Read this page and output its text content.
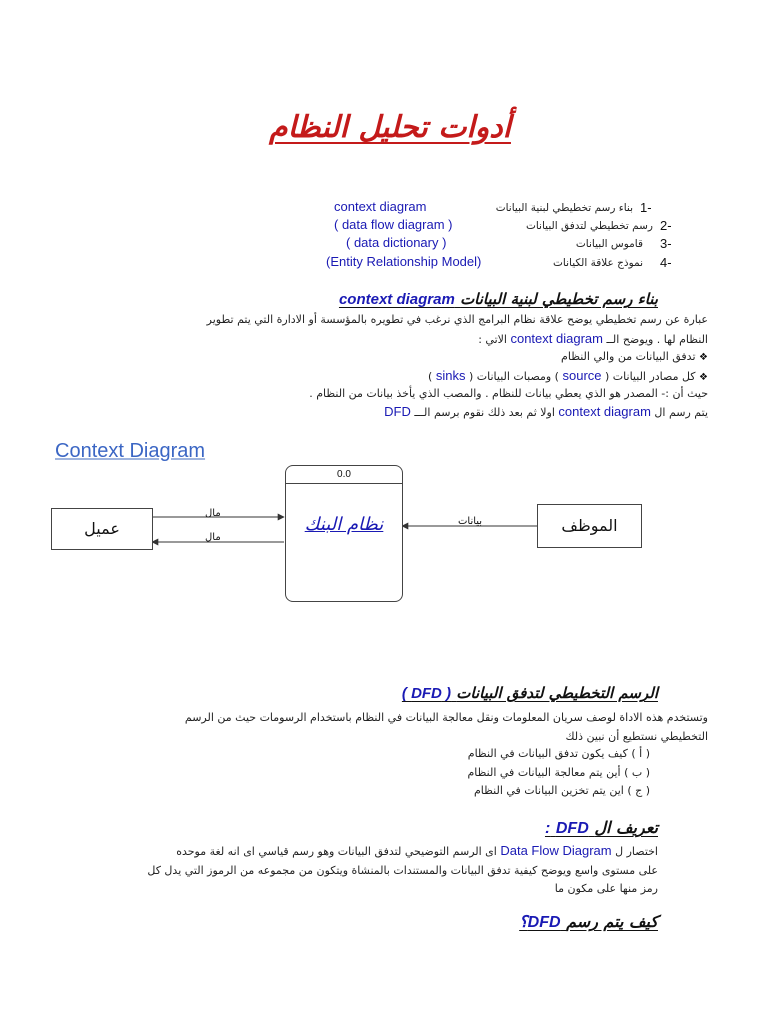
أدوات تحليل النظام
1-
بناء رسم تخطيطي لبنية البيانات
context diagram
2-
رسم تخطيطي لتدفق البيانات
( data flow diagram )
3-
قاموس البيانات
( data dictionary )
4-
نموذج علاقة الكيانات
(Entity Relationship Model)
بناء رسم تخطيطي لبنية البيانات context diagram
عبارة عن رسم تخطيطي يوضح علاقة نظام البرامج الذي نرغب في تطويره بالمؤسسة أو الادارة التي يتم تطوير
النظام لها . ويوضح الــ context diagram الاتي :
❖ تدفق البيانات من والي النظام
❖ كل مصادر البيانات ( source ) ومصبات البيانات ( sinks )
حيث أن :- المصدر هو الذي يعطي بيانات للنظام . والمصب الذي يأخذ بيانات من النظام .
يتم رسم ال context diagram اولا ثم بعد ذلك نقوم برسم الـــ DFD
Context Diagram
عميل
0.0
نظام البنك	الموظف
مال
مال
بيانات
الرسم التخطيطي لتدفق البيانات ( DFD )
وتستخدم هذه الاداة لوصف سريان المعلومات ونقل معالجة البيانات في النظام باستخدام الرسومات حيث من الرسم
التخطيطي نستطيع أن نبين ذلك
( أ ) كيف يكون تدفق البيانات في النظام
( ب ) أين يتم معالجة البيانات في النظام
( ج ) اين يتم تخزين البيانات في النظام
تعريف ال DFD :
اختصار ل Data Flow Diagram اى الرسم التوضيحي لتدفق البيانات وهو رسم قياسي اى انه لغة موحده
على مستوى واسع ويوضح كيفية تدفق البيانات والمستندات بالمنشاة ويتكون من مجموعه من الرموز التي يدل كل
رمز منها على مكون ما
كيف يتم رسم DFD؟
